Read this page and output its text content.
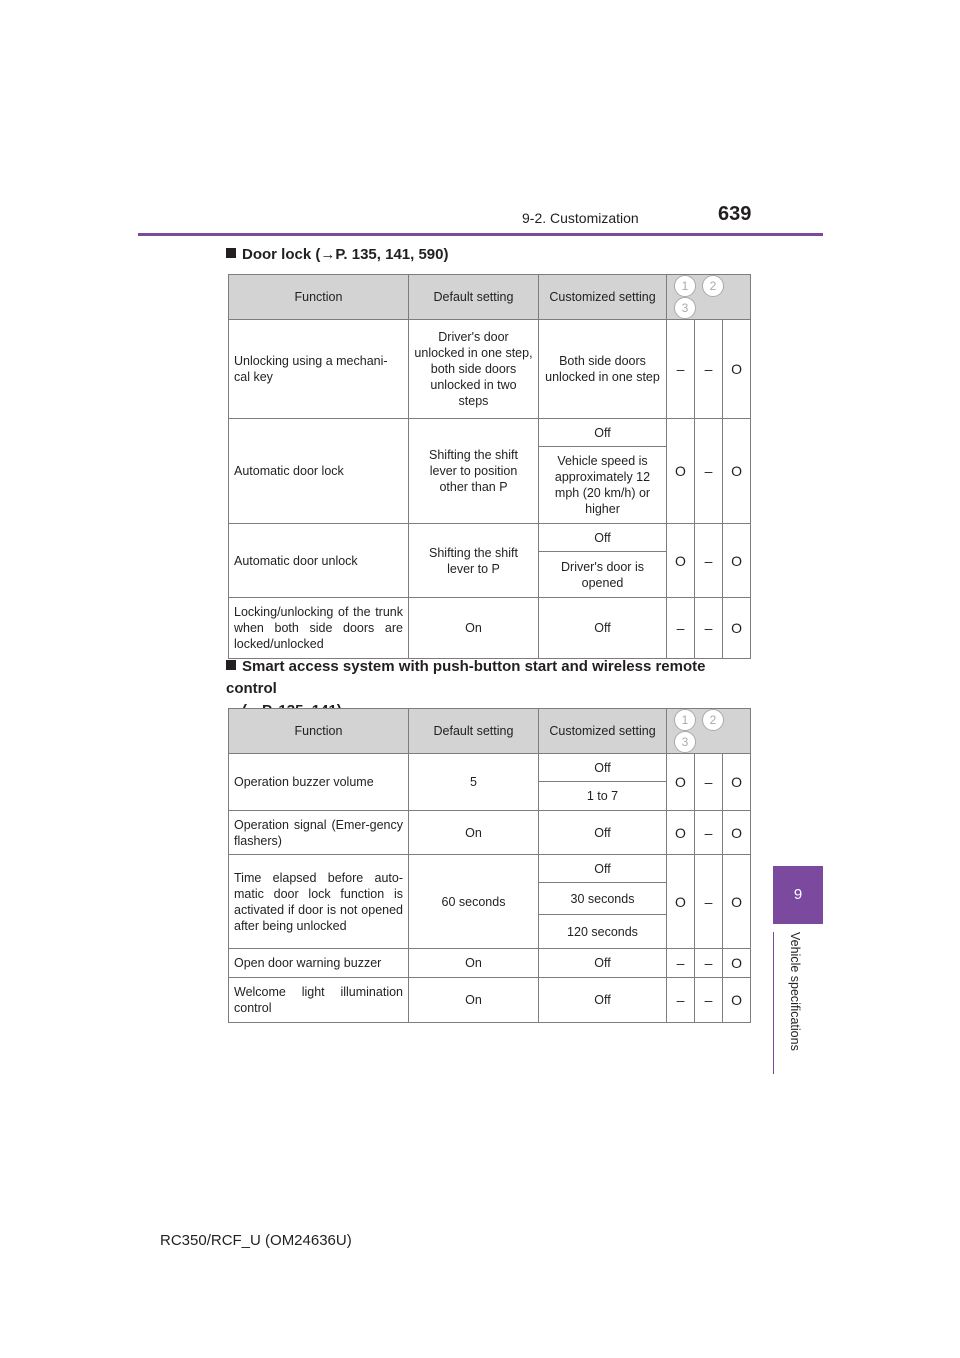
9-2. Customization	639
9
Vehicle specifications
Door lock (→P. 135, 141, 590)
Function	Default setting	Customized setting	1 23		
Unlocking using a mechani-cal key	Driver's door unlocked in one step, both side doors unlocked in two steps	Both side doors unlocked in one step	–	–	O
Automatic door lock	Shifting the shift lever to position other than P	Off	O	–	O
		Vehicle speed is approximately 12 mph (20 km/h) or higher			
Automatic door unlock	Shifting the shift lever to P	Off	O	–	O
		Driver's door is opened			
Locking/unlocking of the trunk when both side doors are locked/unlocked	On	Off	–	–	O
Smart access system with push-button start and wireless remote control
Function	Default setting	Customized setting	1 23		
Operation buzzer volume	5	Off	O	–	O
		1 to 7			
Operation signal (Emer-gency flashers)	On	Off	O	–	O
Time elapsed before auto-matic door lock function is activated if door is not opened after being unlocked	60 seconds	Off	O	–	O
		30 seconds			
		120 seconds			
Open door warning buzzer	On	Off	–	–	O
Welcome light illumination control	On	Off	–	–	O
RC350/RCF_U (OM24636U)
